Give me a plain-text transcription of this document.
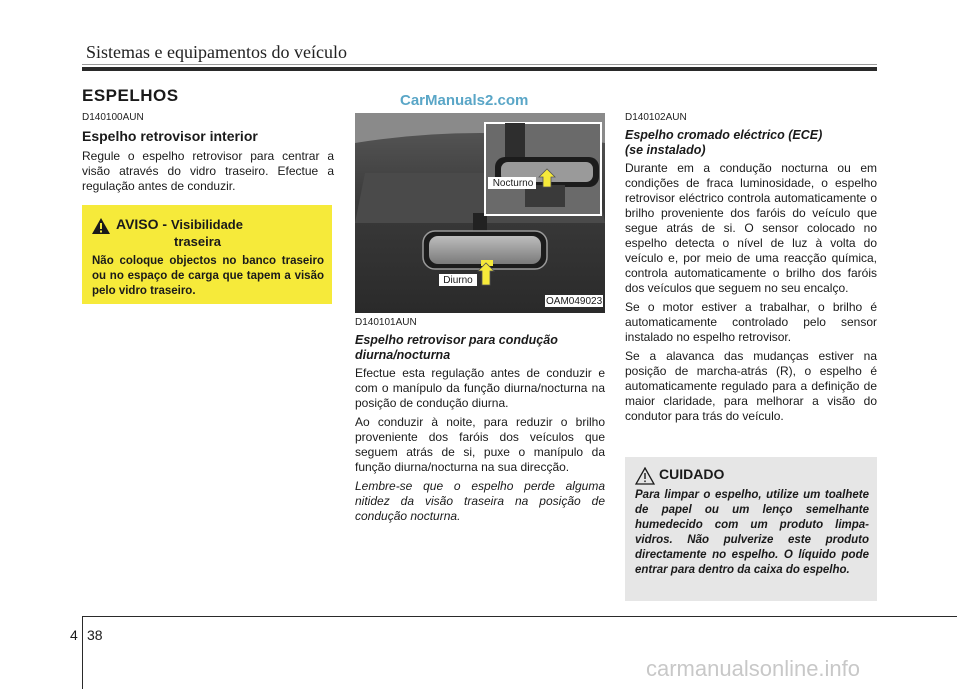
Sistemas e equipamentos do veículo
ESPELHOS	CarManuals2.com
D140100AUN
Espelho retrovisor interior
Regule o espelho retrovisor para centrar a visão através do vidro traseiro. Efectue a regulação antes de conduzir.
AVISO - Visibilidade
traseira
Não coloque objectos no banco traseiro ou no espaço de carga que tapem a visão pelo vidro traseiro.
Nocturno
Diurno
OAM049023
D140101AUN
Espelho retrovisor para condução
diurna/nocturna
Efectue esta regulação antes de conduzir e com o manípulo da função diurna/nocturna na posição de condução diurna.
Ao conduzir à noite, para reduzir o brilho proveniente dos faróis dos veículos que seguem atrás de si, puxe o manípulo da função diurna/nocturna na sua direcção.
Lembre-se que o espelho perde alguma nitidez da visão traseira na posição de condução nocturna.
D140102AUN
Espelho cromado eléctrico (ECE)
(se instalado)
Durante em a condução nocturna ou em condições de fraca luminosidade, o espelho retrovisor eléctrico controla automaticamente o brilho proveniente dos faróis do veículo que segue atrás de si. O sensor colocado no espelho detecta o nível de luz à volta do veículo e, por meio de uma reacção química, controla automaticamente o brilho dos faróis dos veículos que seguem no seu encalço.
Se o motor estiver a trabalhar, o brilho é automaticamente controlado pelo sensor instalado no espelho retrovisor.
Se a alavanca das mudanças estiver na posição de marcha-atrás (R), o espelho é automaticamente regulado para a definição de maior claridade, para melhorar a visão do condutor para trás do veículo.
CUIDADO
Para limpar o espelho, utilize um toalhete de papel ou um lenço semelhante humedecido com um produto limpa-vidros. Não pulverize este produto directamente no espelho. O líquido pode entrar para dentro da caixa do espelho.
4 38
carmanualsonline.info
